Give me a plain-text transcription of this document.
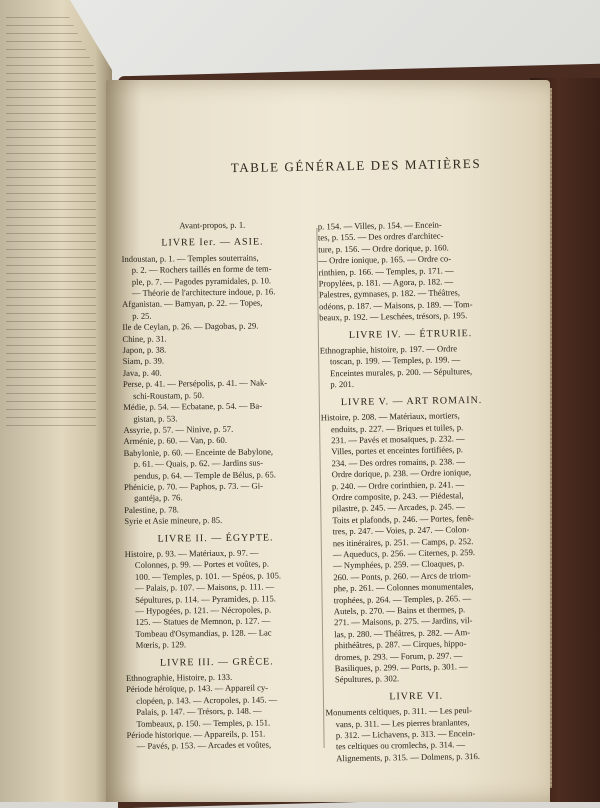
TABLE GÉNÉRALE DES MATIÈRES
Avant-propos, p. 1.
LIVRE Ier. — ASIE.
Indoustan, p. 1. — Temples souterrains,
p. 2. — Rochers taillés en forme de tem-
ple, p. 7. — Pagodes pyramidales, p. 10.
— Théorie de l'architecture indoue, p. 16.
Afganistan. — Bamyan, p. 22. — Topes,
p. 25.
Ile de Ceylan, p. 26. — Dagobas, p. 29.
Chine, p. 31.
Japon, p. 38.
Siam, p. 39.
Java, p. 40.
Perse, p. 41. — Persépolis, p. 41. — Nak-
schi-Roustam, p. 50.
Médie, p. 54. — Ecbatane, p. 54. — Ba-
gistan, p. 53.
Assyrie, p. 57. — Ninive, p. 57.
Arménie, p. 60. — Van, p. 60.
Babylonie, p. 60. — Enceinte de Babylone,
p. 61. — Quais, p. 62. — Jardins sus-
pendus, p. 64. — Temple de Bélus, p. 65.
Phénicie, p. 70. — Paphos, p. 73. — Gi-
gantéja, p. 76.
Palestine, p. 78.
Syrie et Asie mineure, p. 85.
LIVRE II. — ÉGYPTE.
Histoire, p. 93. — Matériaux, p. 97. —
Colonnes, p. 99. — Portes et voûtes, p.
100. — Temples, p. 101. — Spéos, p. 105.
— Palais, p. 107. — Maisons, p. 111. —
Sépultures, p. 114. — Pyramides, p. 115.
— Hypogées, p. 121. — Nécropoles, p.
125. — Statues de Memnon, p. 127. —
Tombeau d'Osymandias, p. 128. — Lac
Mœris, p. 129.
LIVRE III. — GRÈCE.
Ethnographie, Histoire, p. 133.
Période héroïque, p. 143. — Appareil cy-
clopéen, p. 143. — Acropoles, p. 145. —
Palais, p. 147. — Trésors, p. 148. —
Tombeaux, p. 150. — Temples, p. 151.
Période historique. — Appareils, p. 151.
— Pavés, p. 153. — Arcades et voûtes,
p. 154. — Villes, p. 154. — Encein-
tes, p. 155. — Des ordres d'architec-
ture, p. 156. — Ordre dorique, p. 160.
— Ordre ionique, p. 165. — Ordre co-
rinthien, p. 166. — Temples, p. 171. —
Propylées, p. 181. — Agora, p. 182. —
Palestres, gymnases, p. 182. — Théâtres,
odéons, p. 187. — Maisons, p. 189. — Tom-
beaux, p. 192. — Leschées, trésors, p. 195.
LIVRE IV. — ÉTRURIE.
Ethnographie, histoire, p. 197. — Ordre
toscan, p. 199. — Temples, p. 199. —
Enceintes murales, p. 200. — Sépultures,
p. 201.
LIVRE V. — ART ROMAIN.
Histoire, p. 208. — Matériaux, mortiers,
enduits, p. 227. — Briques et tuiles, p.
231. — Pavés et mosaïques, p. 232. —
Villes, portes et enceintes fortifiées, p.
234. — Des ordres romains, p. 238. —
Ordre dorique, p. 238. — Ordre ionique,
p. 240. — Ordre corinthien, p. 241. —
Ordre composite, p. 243. — Piédestal,
pilastre, p. 245. — Arcades, p. 245. —
Toits et plafonds, p. 246. — Portes, fenê-
tres, p. 247. — Voies, p. 247. — Colon-
nes itinéraires, p. 251. — Camps, p. 252.
— Aqueducs, p. 256. — Citernes, p. 259.
— Nymphées, p. 259. — Cloaques, p.
260. — Ponts, p. 260. — Arcs de triom-
phe, p. 261. — Colonnes monumentales,
trophées, p. 264. — Temples, p. 265. —
Autels, p. 270. — Bains et thermes, p.
271. — Maisons, p. 275. — Jardins, vil-
las, p. 280. — Théâtres, p. 282. — Am-
phithéâtres, p. 287. — Cirques, hippo-
dromes, p. 293. — Forum, p. 297. —
Basiliques, p. 299. — Ports, p. 301. —
Sépultures, p. 302.
LIVRE VI.
Monuments celtiques, p. 311. — Les peul-
vans, p. 311. — Les pierres branlantes,
p. 312. — Lichavens, p. 313. — Encein-
tes celtiques ou cromlechs, p. 314. —
Alignements, p. 315. — Dolmens, p. 316.
